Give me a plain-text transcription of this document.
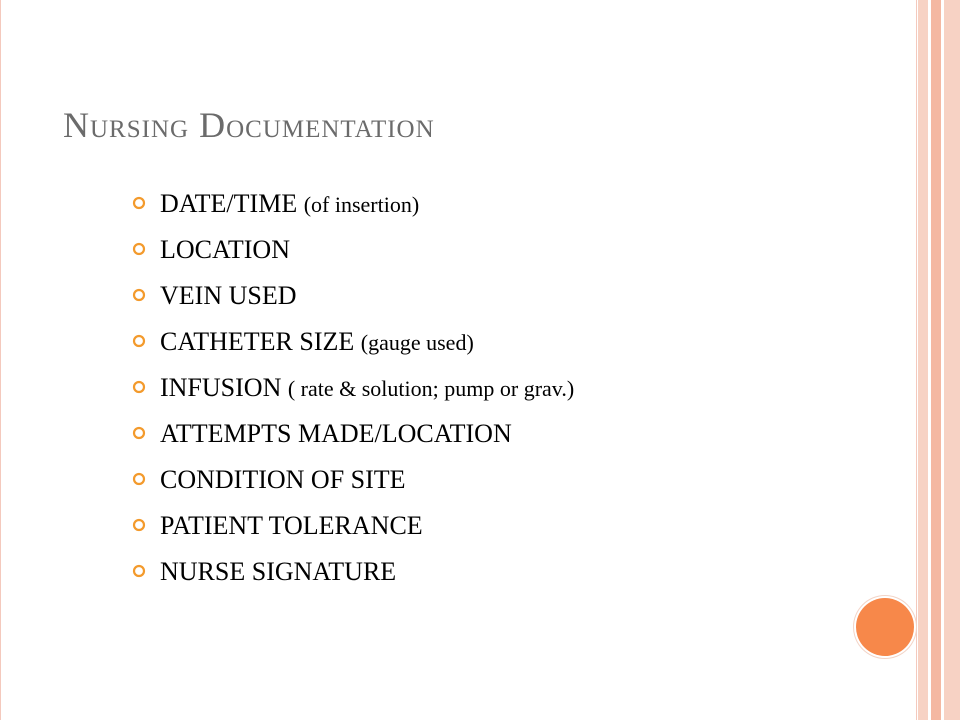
Nursing Documentation
DATE/TIME (of insertion)
LOCATION
VEIN USED
CATHETER SIZE (gauge used)
INFUSION ( rate & solution; pump or grav.)
ATTEMPTS MADE/LOCATION
CONDITION OF SITE
PATIENT TOLERANCE
NURSE SIGNATURE
